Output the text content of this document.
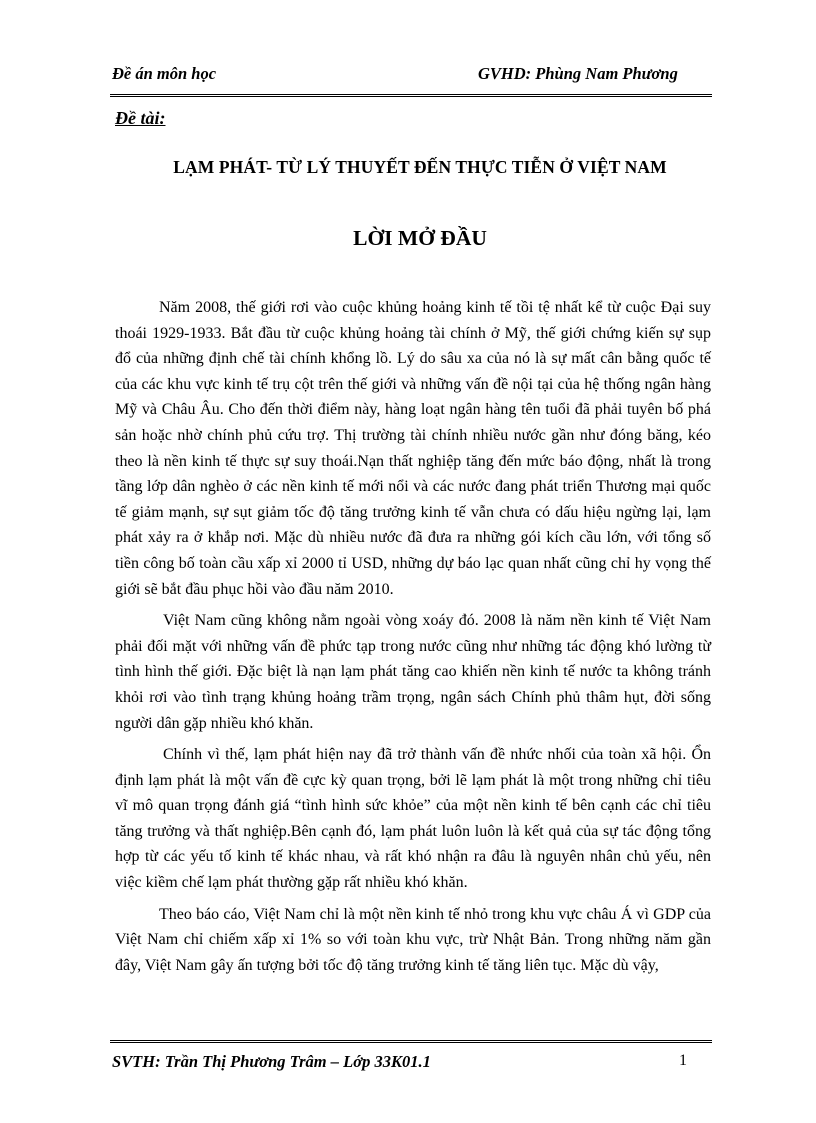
Đề án môn học	GVHD: Phùng Nam Phương
Đề tài:
LẠM PHÁT- TỪ LÝ THUYẾT ĐẾN THỰC TIỄN Ở VIỆT NAM
LỜI MỞ ĐẦU

Năm 2008, thế giới rơi vào cuộc khủng hoảng kinh tế tồi tệ nhất kể từ cuộc Đại suy thoái 1929-1933. Bắt đầu từ cuộc khủng hoảng tài chính ở Mỹ, thế giới chứng kiến sự sụp đổ của những định chế tài chính khổng lồ. Lý do sâu xa của nó là sự mất cân bằng quốc tế của các khu vực kinh tế trụ cột trên thế giới và những vấn đề nội tại của hệ thống ngân hàng Mỹ và Châu Âu. Cho đến thời điểm này, hàng loạt ngân hàng tên tuổi đã phải tuyên bố phá sản hoặc nhờ chính phủ cứu trợ. Thị trường tài chính nhiều nước gần như đóng băng, kéo theo là nền kinh tế thực sự suy thoái.Nạn thất nghiệp tăng đến mức báo động, nhất là trong tầng lớp dân nghèo ở các nền kinh tế mới nổi và các nước đang phát triển Thương mại quốc tế giảm mạnh, sự sụt giảm tốc độ tăng trưởng kinh tế vẫn chưa có dấu hiệu ngừng lại, lạm phát xảy ra ở khắp nơi. Mặc dù nhiều nước đã đưa ra những gói kích cầu lớn, với tổng số tiền công bố toàn cầu xấp xỉ 2000 tỉ USD, những dự báo lạc quan nhất cũng chỉ hy vọng thế giới sẽ bắt đầu phục hồi vào đầu năm 2010.

Việt Nam cũng không nằm ngoài vòng xoáy đó. 2008 là năm nền kinh tế Việt Nam phải đối mặt với những vấn đề phức tạp trong nước cũng như những tác động khó lường từ tình hình thế giới. Đặc biệt là nạn lạm phát tăng cao khiến nền kinh tế nước ta không tránh khỏi rơi vào tình trạng khủng hoảng trầm trọng, ngân sách Chính phủ thâm hụt, đời sống người dân gặp nhiều khó khăn.

Chính vì thế, lạm phát hiện nay đã trở thành vấn đề nhức nhối của toàn xã hội. Ổn định lạm phát là một vấn đề cực kỳ quan trọng, bởi lẽ lạm phát là một trong những chỉ tiêu vĩ mô quan trọng đánh giá “tình hình sức khỏe” của một nền kinh tế bên cạnh các chỉ tiêu tăng trưởng và thất nghiệp.Bên cạnh đó, lạm phát luôn luôn là kết quả của sự tác động tổng hợp từ các yếu tố kinh tế khác nhau, và rất khó nhận ra đâu là nguyên nhân chủ yếu, nên việc kiềm chế lạm phát thường gặp rất nhiều khó khăn.

Theo báo cáo, Việt Nam chỉ là một nền kinh tế nhỏ trong khu vực châu Á vì GDP của Việt Nam chỉ chiếm xấp xỉ 1% so với toàn khu vực, trừ Nhật Bản. Trong những năm gần đây, Việt Nam gây ấn tượng bởi tốc độ tăng trưởng kinh tế tăng liên tục. Mặc dù vậy,

SVTH: Trần Thị Phương Trâm – Lớp 33K01.1	1
